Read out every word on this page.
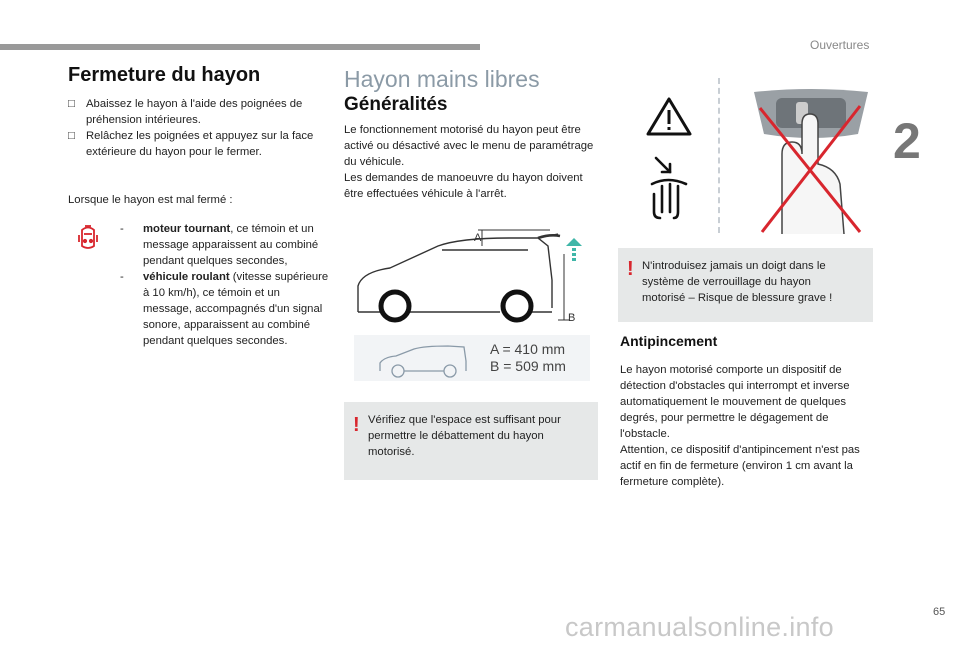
Ouvertures
2
Fermeture du hayon
□ Abaissez le hayon à l'aide des poignées de préhension intérieures.
□ Relâchez les poignées et appuyez sur la face extérieure du hayon pour le fermer.

Lorsque le hayon est mal fermé :

- moteur tournant, ce témoin et un message apparaissent au combiné pendant quelques secondes,
- véhicule roulant (vitesse supérieure à 10 km/h), ce témoin et un message, accompagnés d'un signal sonore, apparaissent au combiné pendant quelques secondes.
Hayon mains libres
Généralités

Le fonctionnement motorisé du hayon peut être activé ou désactivé avec le menu de paramétrage du véhicule.
Les demandes de manoeuvre du hayon doivent être effectuées véhicule à l'arrêt.

A
B
A = 410 mm
B = 509 mm
! Vérifiez que l'espace est suffisant pour permettre le débattement du hayon motorisé.

! N'introduisez jamais un doigt dans le système de verrouillage du hayon motorisé – Risque de blessure grave !

Antipincement

Le hayon motorisé comporte un dispositif de détection d'obstacles qui interrompt et inverse automatiquement le mouvement de quelques degrés, pour permettre le dégagement de l'obstacle.
Attention, ce dispositif d'antipincement n'est pas actif en fin de fermeture (environ 1 cm avant la fermeture complète).

65
carmanualsonline.info
